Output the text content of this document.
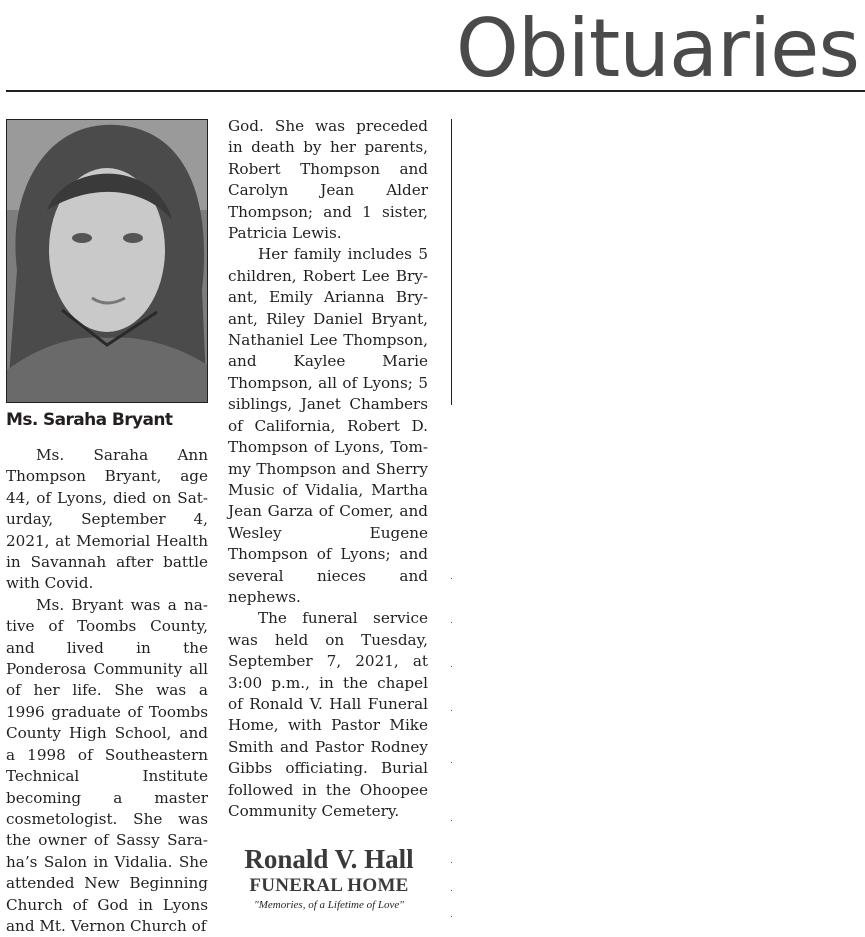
Obituaries
Ms. Saraha Bryant

Ms. Saraha Ann Thompson Bryant, age 44, of Lyons, died on Saturday, September 4, 2021, at Memorial Health in Savannah after battle with Covid.

Ms. Bryant was a native of Toombs County, and lived in the Ponderosa Community all of her life. She was a 1996 graduate of Toombs County High School, and a 1998 of Southeastern Technical Institute becoming a master cosmetologist. She was the owner of Sassy Saraha’s Salon in Vidalia. She attended New Beginning Church of God in Lyons and Mt. Vernon Church of

God. She was preceded in death by her parents, Robert Thompson and Carolyn Jean Alder Thompson; and 1 sister, Patricia Lewis.

Her family includes 5 children, Robert Lee Bryant, Emily Arianna Bryant, Riley Daniel Bryant, Nathaniel Lee Thompson, and Kaylee Marie Thompson, all of Lyons; 5 siblings, Janet Chambers of California, Robert D. Thompson of Lyons, Tommy Thompson and Sherry Music of Vidalia, Martha Jean Garza of Comer, and Wesley Eugene Thompson of Lyons; and several nieces and nephews.

The funeral service was held on Tuesday, September 7, 2021, at 3:00 p.m., in the chapel of Ronald V. Hall Funeral Home, with Pastor Mike Smith and Pastor Rodney Gibbs officiating. Burial followed in the Ohoopee Community Cemetery.

Ronald V. Hall
FUNERAL HOME
"Memories, of a Lifetime of Love"
